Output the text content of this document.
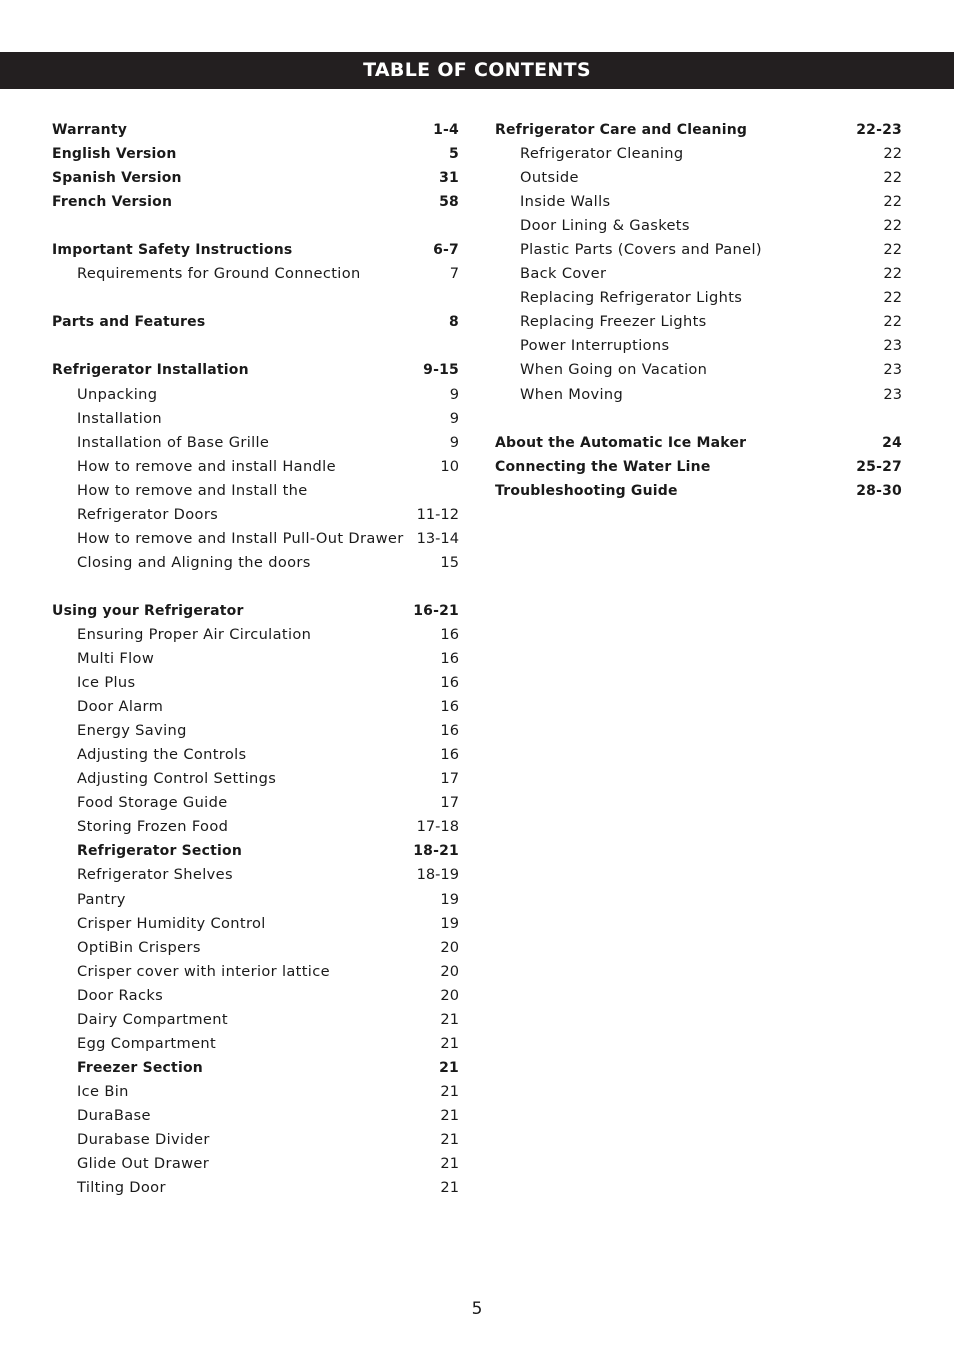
TABLE OF CONTENTS
Warranty	1-4
English Version	5
Spanish Version	31
French Version	58
Important Safety Instructions	6-7
Requirements for Ground Connection	7
Parts and Features	8
Refrigerator Installation	9-15
Unpacking	9
Installation	9
Installation of Base Grille	9
How to remove and install Handle	10
How to remove and Install the
Refrigerator Doors	11-12
How to remove and Install Pull-Out Drawer 13-14
Closing and Aligning the doors	15
Using your Refrigerator	16-21
Ensuring Proper Air Circulation	16
Multi Flow	16
Ice Plus	16
Door Alarm	16
Energy Saving	16
Adjusting the Controls	16
Adjusting Control Settings	17
Food Storage Guide	17
Storing Frozen Food	17-18
Refrigerator Section	18-21
Refrigerator Shelves	18-19
Pantry	19
Crisper Humidity Control	19
OptiBin Crispers	20
Crisper cover with interior lattice	20
Door Racks	20
Dairy Compartment	21
Egg Compartment	21
Freezer Section	21
Ice Bin	21
DuraBase	21
Durabase Divider	21
Glide Out Drawer	21
Tilting Door	21
Refrigerator Care and Cleaning	22-23
Refrigerator Cleaning	22
Outside	22
Inside Walls	22
Door Lining & Gaskets	22
Plastic Parts (Covers and Panel)	22
Back Cover	22
Replacing Refrigerator Lights	22
Replacing Freezer Lights	22
Power Interruptions	23
When Going on Vacation	23
When Moving	23
About the Automatic Ice Maker	24
Connecting the Water Line	25-27
Troubleshooting Guide	28-30
5
